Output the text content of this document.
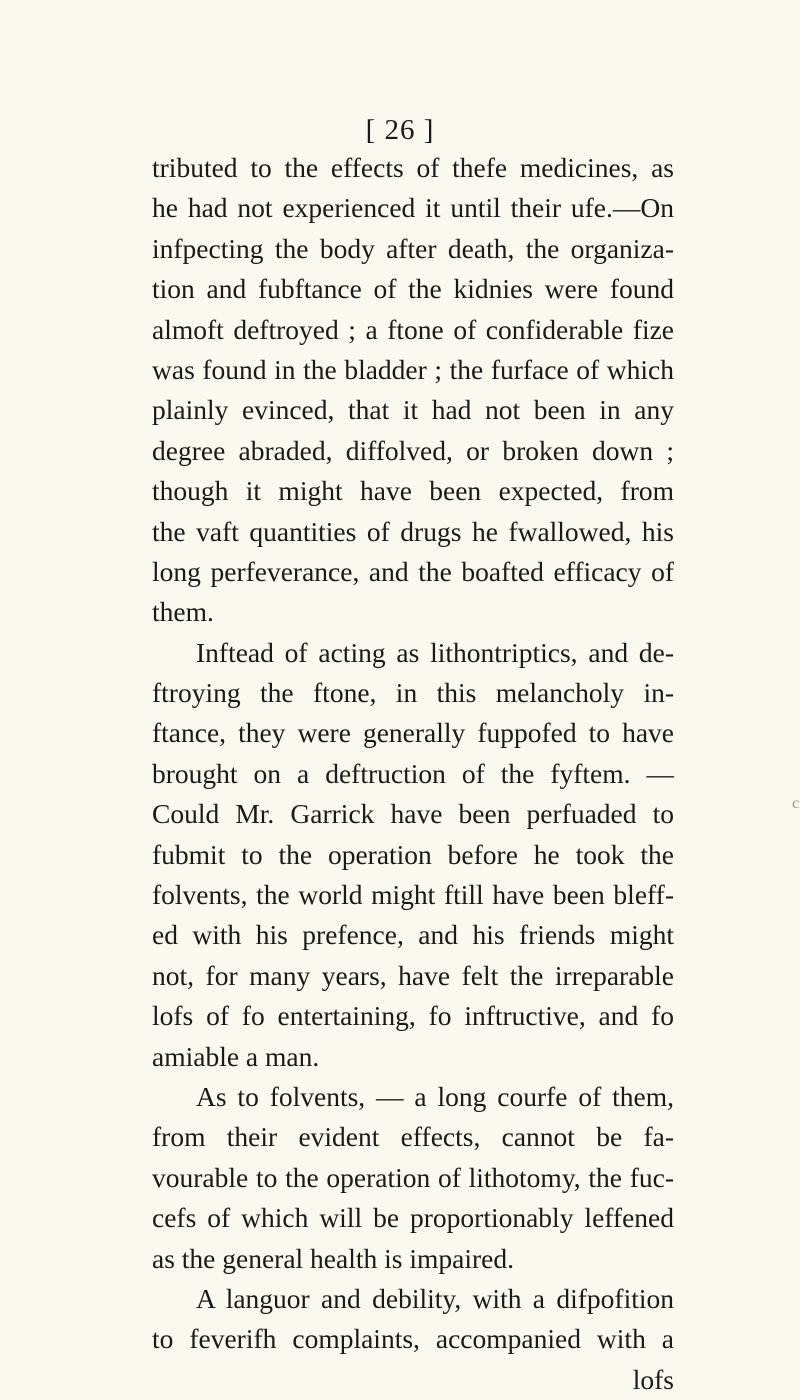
[ 26 ]
tributed to the effects of thefe medicines, as
he had not experienced it until their ufe.—On
infpecting the body after death, the organiza-
tion and fubftance of the kidnies were found
almoft deftroyed ; a ftone of confiderable fize
was found in the bladder ; the furface of which
plainly evinced, that it had not been in any
degree abraded, diffolved, or broken down ;
though it might have been expected, from
the vaft quantities of drugs he fwallowed, his
long perfeverance, and the boafted efficacy of
them.
Inftead of acting as lithontriptics, and de-
ftroying the ftone, in this melancholy in-
ftance, they were generally fuppofed to have
brought on a deftruction of the fyftem. —
Could Mr. Garrick have been perfuaded to
fubmit to the operation before he took the
folvents, the world might ftill have been bleff-
ed with his prefence, and his friends might
not, for many years, have felt the irreparable
lofs of fo entertaining, fo inftructive, and fo
amiable a man.
As to folvents, — a long courfe of them,
from their evident effects, cannot be fa-
vourable to the operation of lithotomy, the fuc-
cefs of which will be proportionably leffened
as the general health is impaired.
A languor and debility, with a difpofition
to feverifh complaints, accompanied with a
lofs
c
